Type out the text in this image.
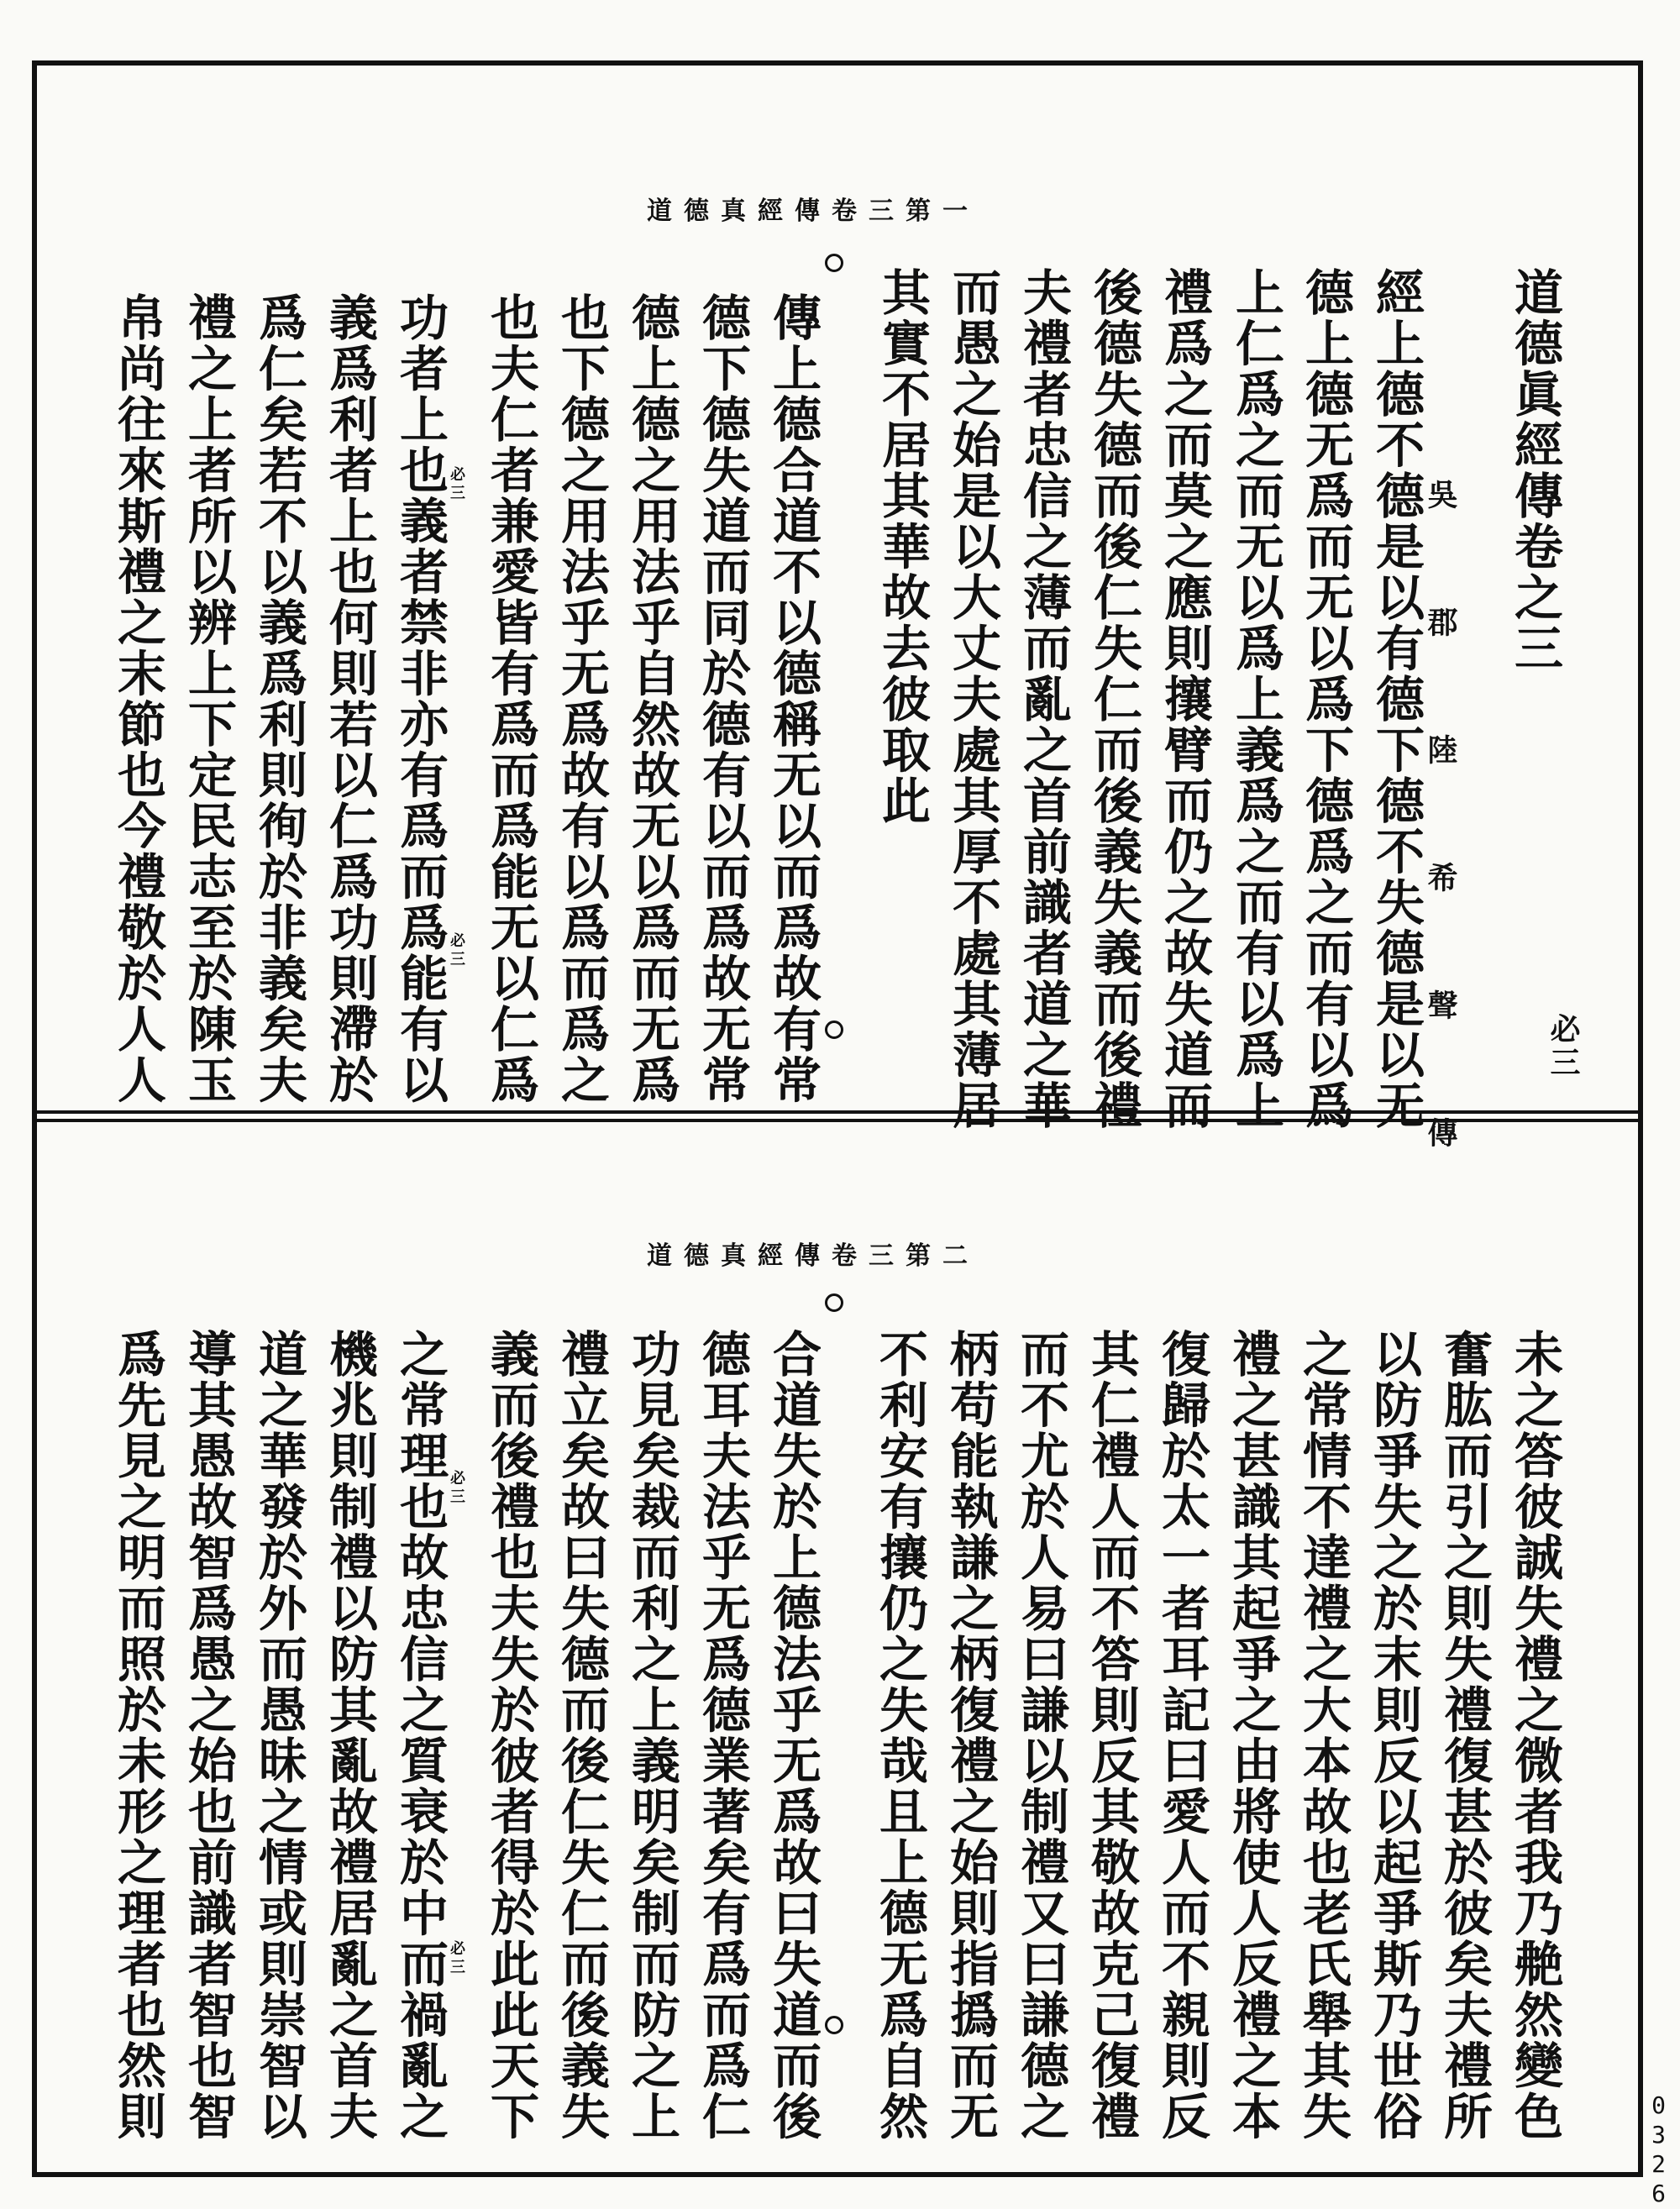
道德真經傳卷三第一
必三
吳　郡　陸　希　聲　傳
必三	道德眞經傳卷之三
上仁爲之而无以爲上義爲之而有以爲上 德上德无爲而无以爲下德爲之而有以爲 經上德不德是以有德下德不失德是以无
禮爲之而莫之應則攘臂而仍之故失道而
後德失德而後仁失仁而後義失義而後禮
夫禮者忠信之薄而亂之首前識者道之華
而愚之始是以大丈夫處其厚不處其薄居
其實不居其華故去彼取此
傳上德合道不以德稱无以而爲故有常
德下德失道而同於德有以而爲故无常
德上德之用法乎自然故无以爲而无爲
也下德之用法乎无爲故有以爲而爲之
也夫仁者兼愛皆有爲而爲能无以仁爲
功者上也義者禁非亦有爲而爲能有以
義爲利者上也何則若以仁爲功則滯於
爲仁矣若不以義爲利則徇於非義矣夫
禮之上者所以辨上下定民志至於陳玉
帛尚往來斯禮之末節也今禮敬於人人
道德真經傳卷三第二
必三	未之答彼誠失禮之微者我乃艴然變色
奮肱而引之則失禮復甚於彼矣夫禮所
以防爭失之於末則反以起爭斯乃世俗
之常情不達禮之大本故也老氏舉其失
禮之甚識其起爭之由將使人反禮之本
復歸於太一者耳記曰愛人而不親則反
其仁禮人而不答則反其敬故克己復禮
而不尤於人易曰謙以制禮又曰謙德之
柄苟能執謙之柄復禮之始則指撝而无
不利安有攘仍之失哉且上德无爲自然
合道失於上德法乎无爲故曰失道而後
德耳夫法乎无爲德業著矣有爲而爲仁
功見矣裁而利之上義明矣制而防之上
禮立矣故曰失德而後仁失仁而後義失
義而後禮也夫失於彼者得於此此天下
之常理也故忠信之質衰於中而禍亂之
機兆則制禮以防其亂故禮居亂之首夫
道之華發於外而愚昧之情或則崇智以
導其愚故智爲愚之始也前識者智也智
爲先見之明而照於未形之理者也然則
0326
必三
必三
